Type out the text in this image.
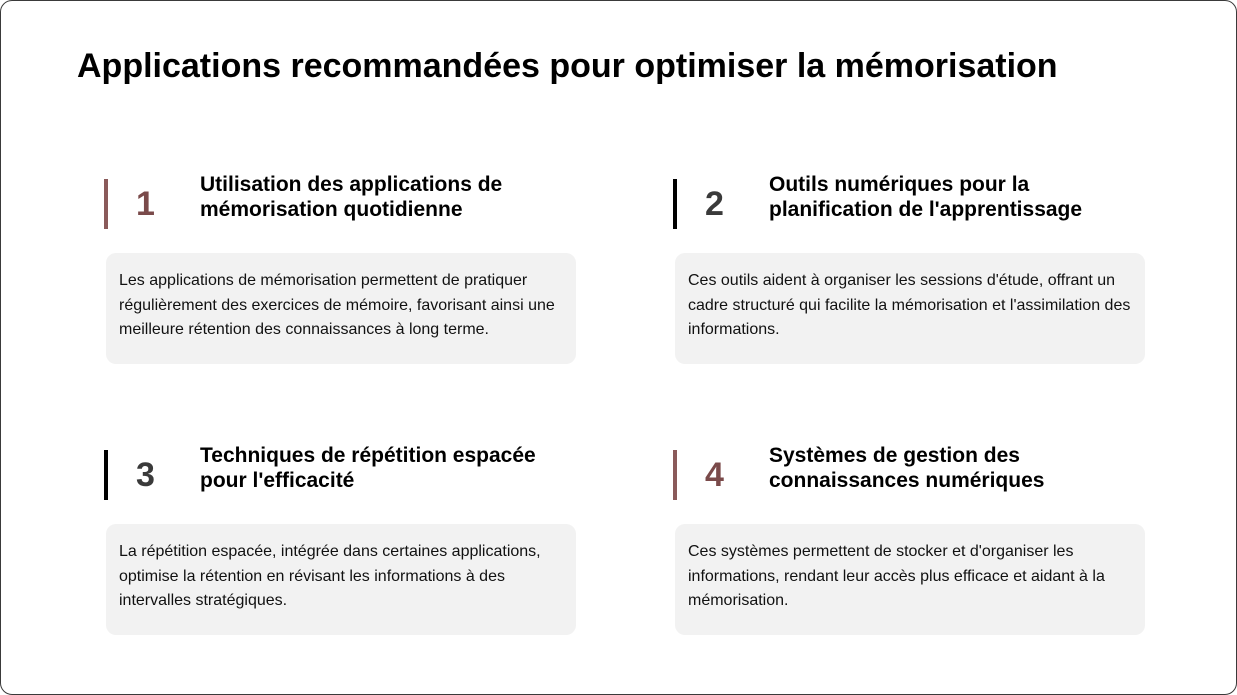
Applications recommandées pour optimiser la mémorisation
1
Utilisation des applications de mémorisation quotidienne
Les applications de mémorisation permettent de pratiquer régulièrement des exercices de mémoire, favorisant ainsi une meilleure rétention des connaissances à long terme.
2
Outils numériques pour la planification de l'apprentissage
Ces outils aident à organiser les sessions d'étude, offrant un cadre structuré qui facilite la mémorisation et l'assimilation des informations.
3
Techniques de répétition espacée pour l'efficacité
La répétition espacée, intégrée dans certaines applications, optimise la rétention en révisant les informations à des intervalles stratégiques.
4
Systèmes de gestion des connaissances numériques
Ces systèmes permettent de stocker et d'organiser les informations, rendant leur accès plus efficace et aidant à la mémorisation.
